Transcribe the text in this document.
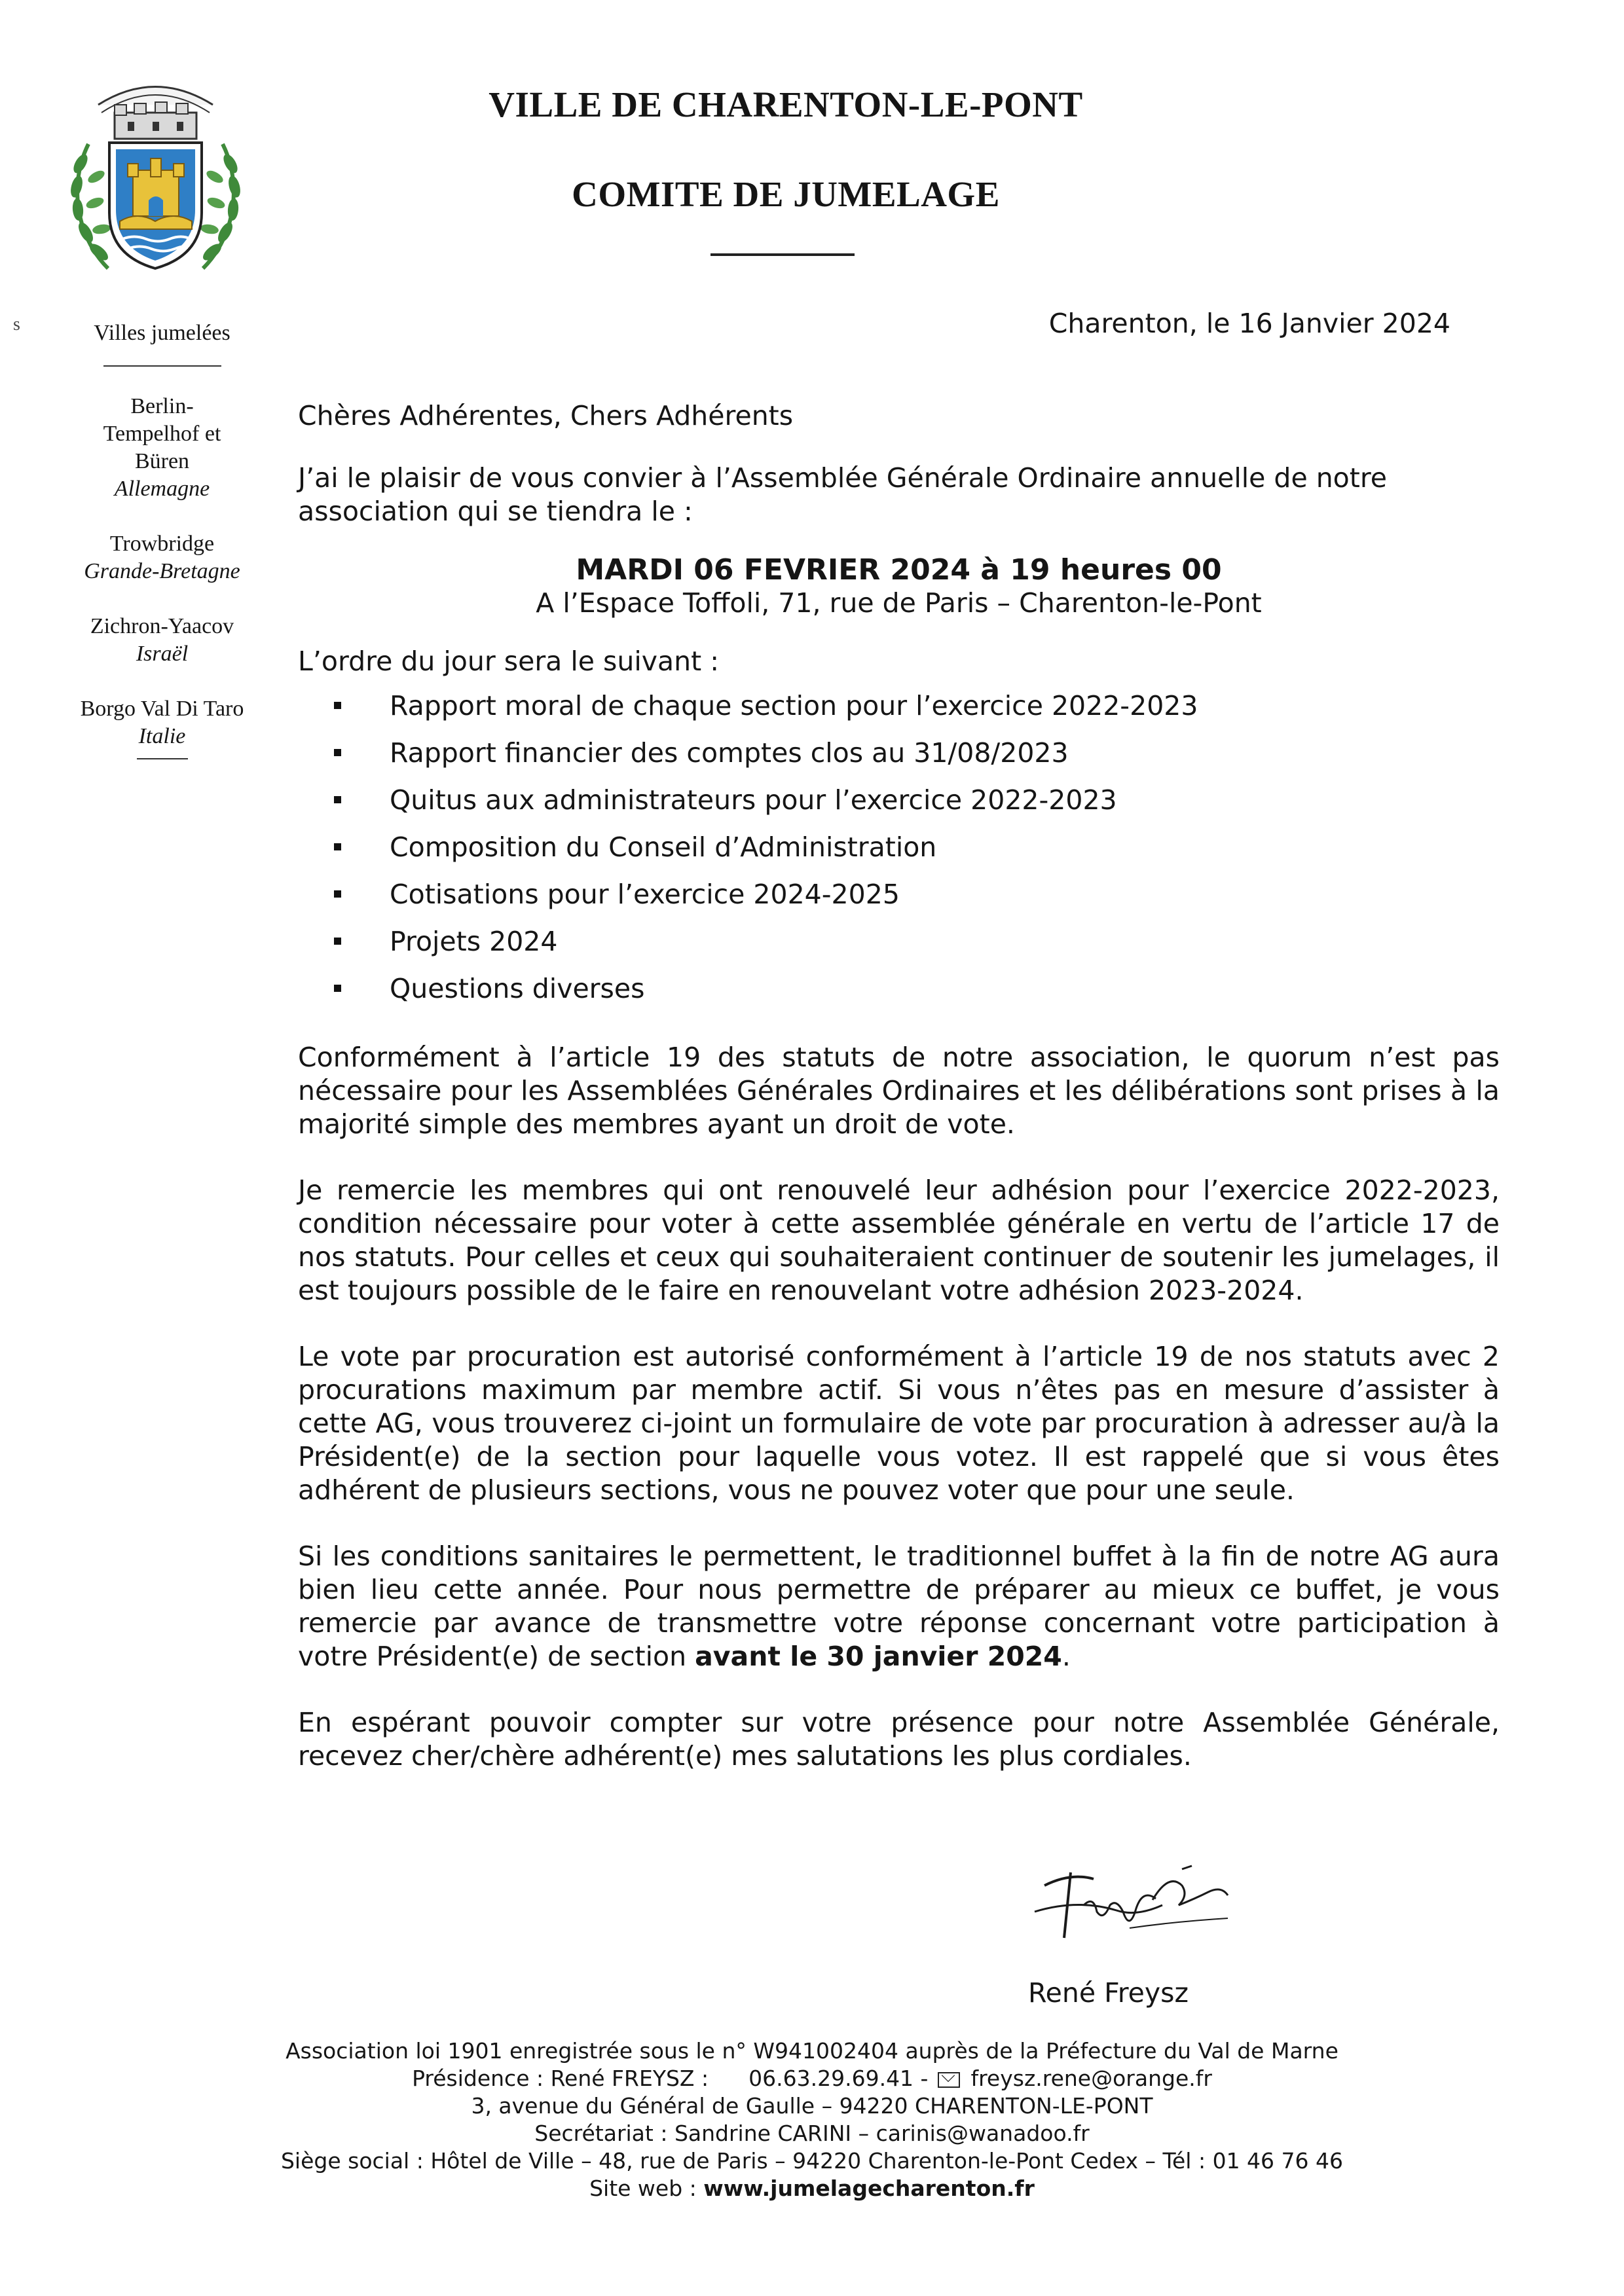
VILLE DE CHARENTON-LE-PONT
COMITE DE JUMELAGE
s	Villes jumelées
Berlin-Tempelhof et Büren
Allemagne
Trowbridge
Grande-Bretagne
Zichron-Yaacov
Israël
Borgo Val Di Taro
Italie
Charenton, le 16 Janvier 2024

Chères Adhérentes, Chers Adhérents

J’ai le plaisir de vous convier à l’Assemblée Générale Ordinaire annuelle de notre association qui se tiendra le :

MARDI 06 FEVRIER 2024 à 19 heures 00
A l’Espace Toffoli, 71, rue de Paris – Charenton-le-Pont

L’ordre du jour sera le suivant :

Rapport moral de chaque section pour l’exercice 2022-2023
Rapport financier des comptes clos au 31/08/2023
Quitus aux administrateurs pour l’exercice 2022-2023
Composition du Conseil d’Administration
Cotisations pour l’exercice 2024-2025
Projets 2024
Questions diverses

Conformément à l’article 19 des statuts de notre association, le quorum n’est pas nécessaire pour les Assemblées Générales Ordinaires et les délibérations sont prises à la majorité simple des membres ayant un droit de vote.

Je remercie les membres qui ont renouvelé leur adhésion pour l’exercice 2022-2023, condition nécessaire pour voter à cette assemblée générale en vertu de l’article 17 de nos statuts. Pour celles et ceux qui souhaiteraient continuer de soutenir les jumelages, il est toujours possible de le faire en renouvelant votre adhésion 2023-2024.

Le vote par procuration est autorisé conformément à l’article 19 de nos statuts avec 2 procurations maximum par membre actif. Si vous n’êtes pas en mesure d’assister à cette AG, vous trouverez ci-joint un formulaire de vote par procuration à adresser au/à la Président(e) de la section pour laquelle vous votez. Il est rappelé que si vous êtes adhérent de plusieurs sections, vous ne pouvez voter que pour une seule.

Si les conditions sanitaires le permettent, le traditionnel buffet à la fin de notre AG aura bien lieu cette année. Pour nous permettre de préparer au mieux ce buffet, je vous remercie par avance de transmettre votre réponse concernant votre participation à votre Président(e) de section avant le 30 janvier 2024.

En espérant pouvoir compter sur votre présence pour notre Assemblée Générale, recevez cher/chère adhérent(e) mes salutations les plus cordiales.

René Freysz
Association loi 1901 enregistrée sous le n° W941002404 auprès de la Préfecture du Val de Marne
Présidence : René FREYSZ : 06.63.29.69.41 - freysz.rene@orange.fr
3, avenue du Général de Gaulle – 94220 CHARENTON-LE-PONT
Secrétariat : Sandrine CARINI – carinis@wanadoo.fr
Siège social : Hôtel de Ville – 48, rue de Paris – 94220 Charenton-le-Pont Cedex – Tél : 01 46 76 46
Site web : www.jumelagecharenton.fr
